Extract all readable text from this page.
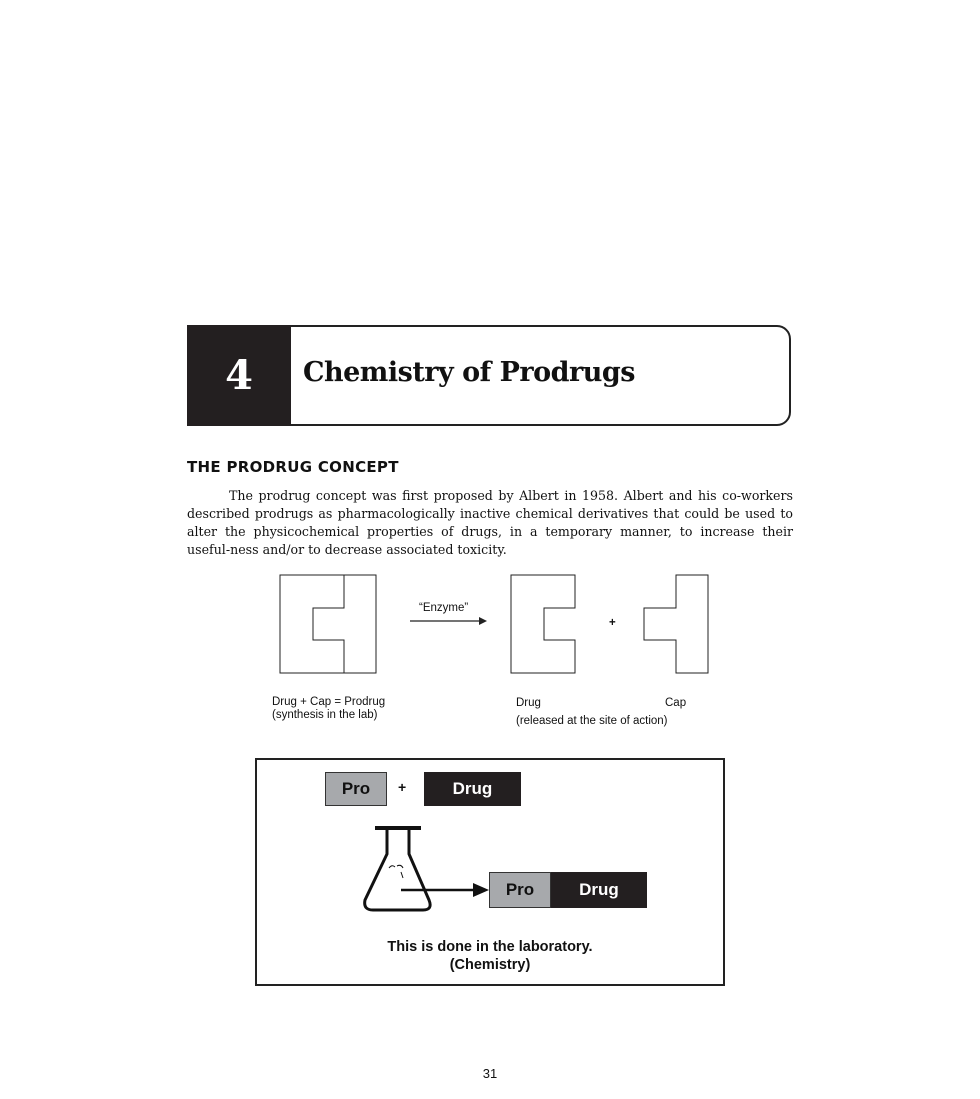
4	Chemistry of Prodrugs
THE PRODRUG CONCEPT

The prodrug concept was first proposed by Albert in 1958. Albert and his co-workers described prodrugs as pharmacologically inactive chemical derivatives that could be used to alter the physicochemical properties of drugs, in a temporary manner, to increase their useful-ness and/or to decrease associated toxicity.

“Enzyme”
+
Drug + Cap = Prodrug
(synthesis in the lab)
Drug	Cap
(released at the site of action)
Pro	+	Drug
Pro	Drug
This is done in the laboratory.
(Chemistry)
31
